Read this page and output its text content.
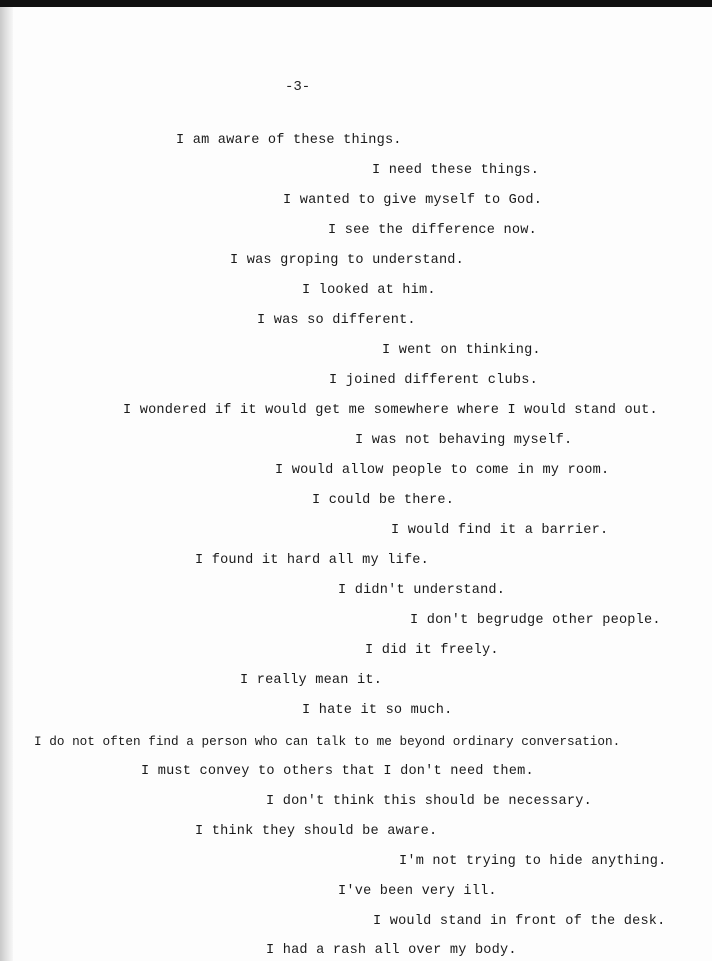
-3-
I am aware of these things.
I need these things.
I wanted to give myself to God.
I see the difference now.
I was groping to understand.
I looked at him.
I was so different.
I went on thinking.
I joined different clubs.
I wondered if it would get me somewhere where I would stand out.
I was not behaving myself.
I would allow people to come in my room.
I could be there.
I would find it a barrier.
I found it hard all my life.
I didn't understand.
I don't begrudge other people.
I did it freely.
I really mean it.
I hate it so much.
I do not often find a person who can talk to me beyond ordinary conversation.
I must convey to others that I don't need them.
I don't think this should be necessary.
I think they should be aware.
I'm not trying to hide anything.
I've been very ill.
I would stand in front of the desk.
I had a rash all over my body.
